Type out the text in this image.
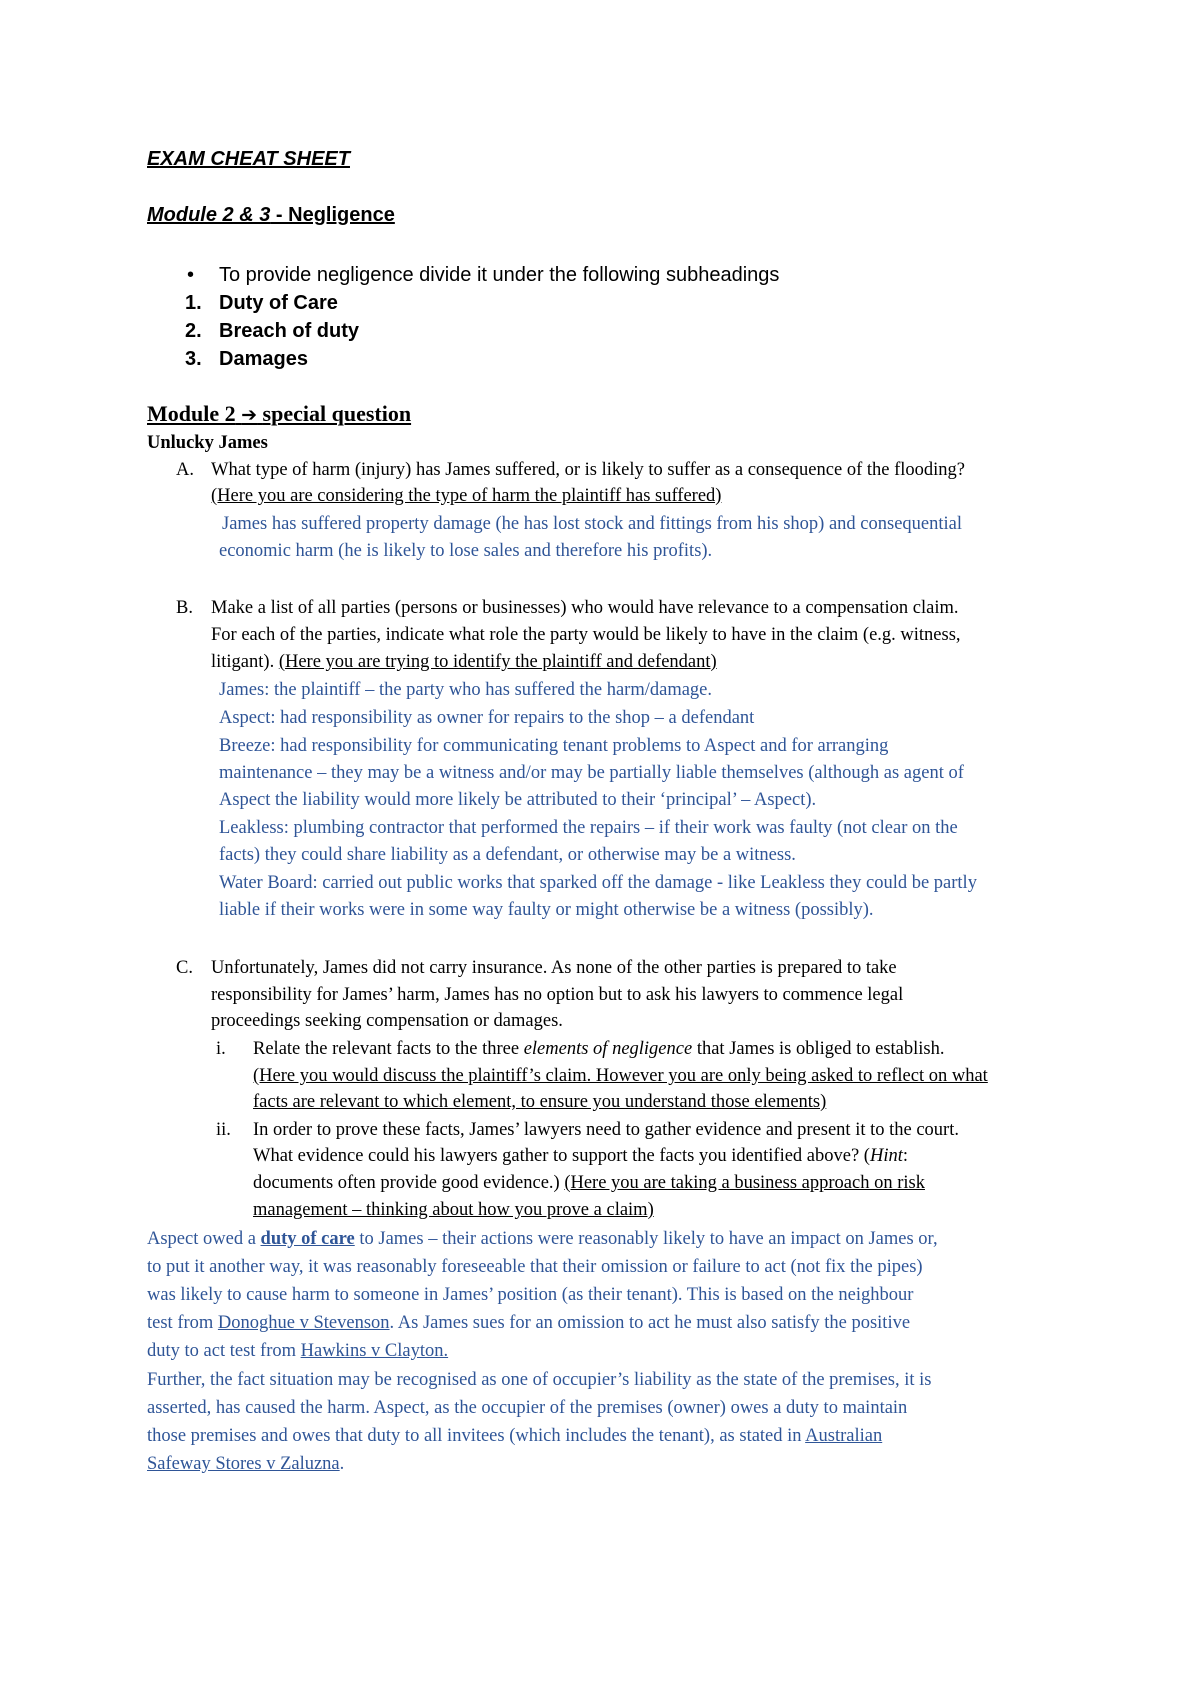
EXAM CHEAT SHEET
Module 2 & 3 - Negligence
• To provide negligence divide it under the following subheadings
1. Duty of Care
2. Breach of duty
3. Damages
Module 2 ➔ special question
Unlucky James
A. What type of harm (injury) has James suffered, or is likely to suffer as a consequence of the flooding?
(Here you are considering the type of harm the plaintiff has suffered)
James has suffered property damage (he has lost stock and fittings from his shop) and consequential
economic harm (he is likely to lose sales and therefore his profits).
B. Make a list of all parties (persons or businesses) who would have relevance to a compensation claim.
For each of the parties, indicate what role the party would be likely to have in the claim (e.g. witness,
litigant). (Here you are trying to identify the plaintiff and defendant)
James: the plaintiff – the party who has suffered the harm/damage.
Aspect: had responsibility as owner for repairs to the shop – a defendant
Breeze: had responsibility for communicating tenant problems to Aspect and for arranging
maintenance – they may be a witness and/or may be partially liable themselves (although as agent of
Aspect the liability would more likely be attributed to their ‘principal’ – Aspect).
Leakless: plumbing contractor that performed the repairs – if their work was faulty (not clear on the
facts) they could share liability as a defendant, or otherwise may be a witness.
Water Board: carried out public works that sparked off the damage - like Leakless they could be partly
liable if their works were in some way faulty or might otherwise be a witness (possibly).
C. Unfortunately, James did not carry insurance. As none of the other parties is prepared to take
responsibility for James’ harm, James has no option but to ask his lawyers to commence legal
proceedings seeking compensation or damages.
i. Relate the relevant facts to the three elements of negligence that James is obliged to establish.
(Here you would discuss the plaintiff’s claim. However you are only being asked to reflect on what
facts are relevant to which element, to ensure you understand those elements)
ii. In order to prove these facts, James’ lawyers need to gather evidence and present it to the court.
What evidence could his lawyers gather to support the facts you identified above? (Hint:
documents often provide good evidence.) (Here you are taking a business approach on risk
management – thinking about how you prove a claim)
Aspect owed a duty of care to James – their actions were reasonably likely to have an impact on James or,
to put it another way, it was reasonably foreseeable that their omission or failure to act (not fix the pipes)
was likely to cause harm to someone in James’ position (as their tenant). This is based on the neighbour
test from Donoghue v Stevenson. As James sues for an omission to act he must also satisfy the positive
duty to act test from Hawkins v Clayton.
Further, the fact situation may be recognised as one of occupier’s liability as the state of the premises, it is
asserted, has caused the harm. Aspect, as the occupier of the premises (owner) owes a duty to maintain
those premises and owes that duty to all invitees (which includes the tenant), as stated in Australian
Safeway Stores v Zaluzna.
